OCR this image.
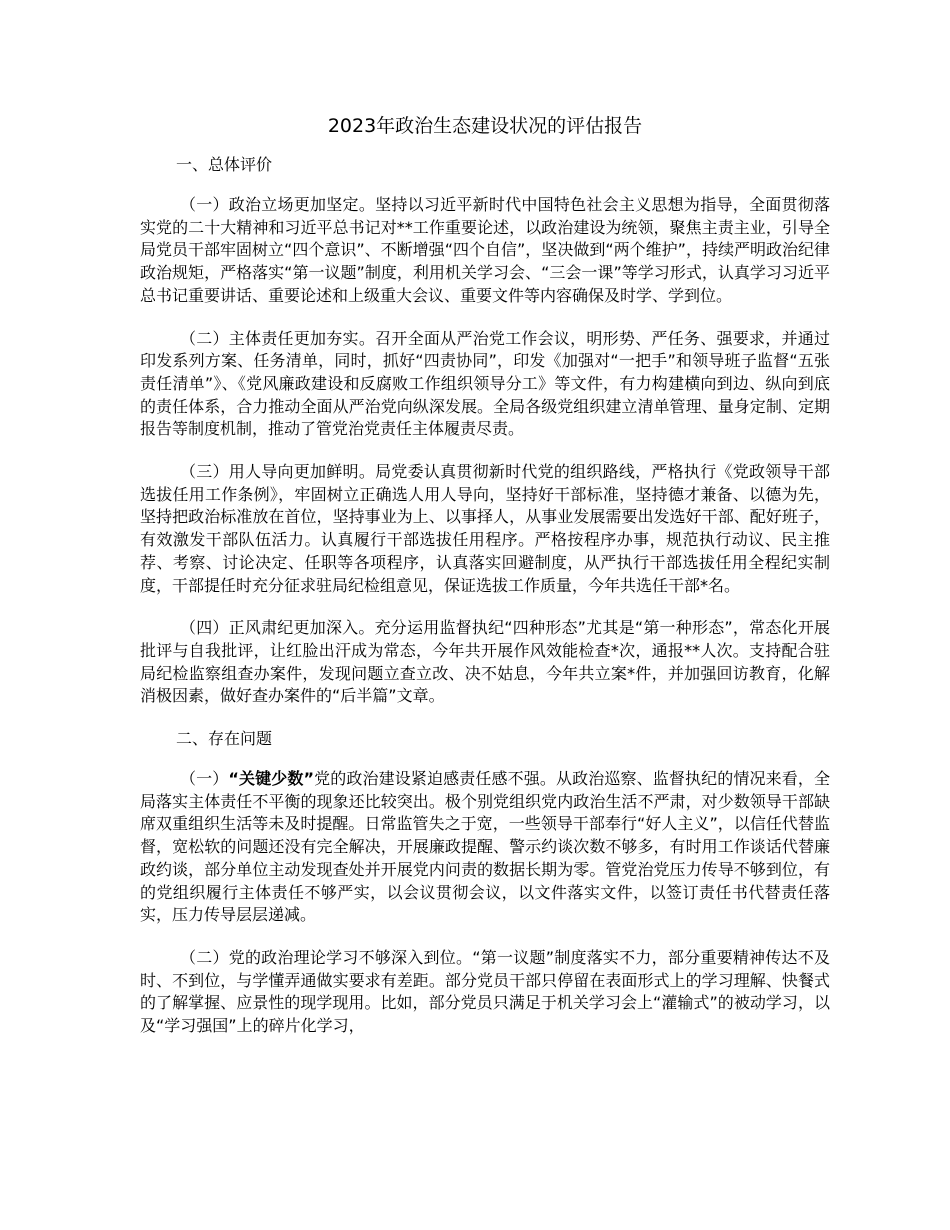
2023年政治生态建设状况的评估报告
一、总体评价

（一）政治立场更加坚定。坚持以习近平新时代中国特色社会主义思想为指导，全面贯彻落实党的二十大精神和习近平总书记对**工作重要论述，以政治建设为统领，聚焦主责主业，引导全局党员干部牢固树立“四个意识”、不断增强“四个自信”，坚决做到“两个维护”，持续严明政治纪律政治规矩，严格落实“第一议题”制度，利用机关学习会、“三会一课”等学习形式，认真学习习近平总书记重要讲话、重要论述和上级重大会议、重要文件等内容确保及时学、学到位。

（二）主体责任更加夯实。召开全面从严治党工作会议，明形势、严任务、强要求，并通过印发系列方案、任务清单，同时，抓好“四责协同”，印发《加强对“一把手”和领导班子监督“五张责任清单”》、《党风廉政建设和反腐败工作组织领导分工》等文件，有力构建横向到边、纵向到底的责任体系，合力推动全面从严治党向纵深发展。全局各级党组织建立清单管理、量身定制、定期报告等制度机制，推动了管党治党责任主体履责尽责。

（三）用人导向更加鲜明。局党委认真贯彻新时代党的组织路线，严格执行《党政领导干部选拔任用工作条例》，牢固树立正确选人用人导向，坚持好干部标准，坚持德才兼备、以德为先，坚持把政治标准放在首位，坚持事业为上、以事择人，从事业发展需要出发选好干部、配好班子，有效激发干部队伍活力。认真履行干部选拔任用程序。严格按程序办事，规范执行动议、民主推荐、考察、讨论决定、任职等各项程序，认真落实回避制度，从严执行干部选拔任用全程纪实制度，干部提任时充分征求驻局纪检组意见，保证选拔工作质量，今年共选任干部*名。

（四）正风肃纪更加深入。充分运用监督执纪“四种形态”尤其是“第一种形态”，常态化开展批评与自我批评，让红脸出汗成为常态，今年共开展作风效能检查*次，通报**人次。支持配合驻局纪检监察组查办案件，发现问题立查立改、决不姑息，今年共立案*件，并加强回访教育，化解消极因素，做好查办案件的“后半篇”文章。

二、存在问题

（一）“关键少数”党的政治建设紧迫感责任感不强。从政治巡察、监督执纪的情况来看，全局落实主体责任不平衡的现象还比较突出。极个别党组织党内政治生活不严肃，对少数领导干部缺席双重组织生活等未及时提醒。日常监管失之于宽，一些领导干部奉行“好人主义”，以信任代替监督，宽松软的问题还没有完全解决，开展廉政提醒、警示约谈次数不够多，有时用工作谈话代替廉政约谈，部分单位主动发现查处并开展党内问责的数据长期为零。管党治党压力传导不够到位，有的党组织履行主体责任不够严实，以会议贯彻会议，以文件落实文件，以签订责任书代替责任落实，压力传导层层递减。

（二）党的政治理论学习不够深入到位。“第一议题”制度落实不力，部分重要精神传达不及时、不到位，与学懂弄通做实要求有差距。部分党员干部只停留在表面形式上的学习理解、快餐式的了解掌握、应景性的现学现用。比如，部分党员只满足于机关学习会上“灌输式”的被动学习，以及“学习强国”上的碎片化学习，
